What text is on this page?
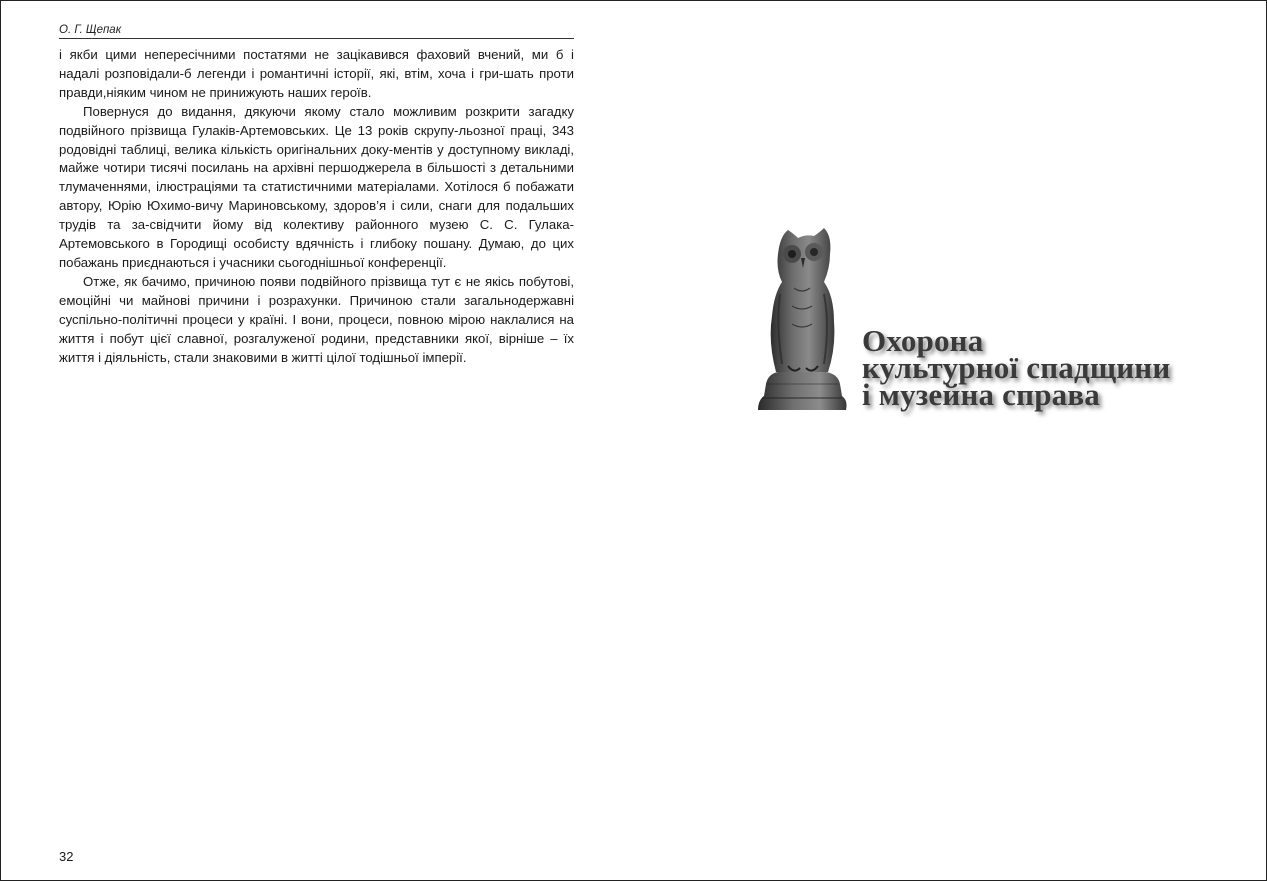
О. Г. Щепак

і якби цими непересічними постатями не зацікавився фаховий вчений, ми б і надалі розповідали-б легенди і романтичні історії, які, втім, хоча і гри-шать проти правди,ніяким чином не принижують наших героїв.

Повернуся до видання, дякуючи якому стало можливим розкрити загадку подвійного прізвища Гулаків-Артемовських. Це 13 років скрупу-льозної праці, 343 родовідні таблиці, велика кількість оригінальних доку-ментів у доступному викладі, майже чотири тисячі посилань на архівні першоджерела в більшості з детальними тлумаченнями, ілюстраціями та статистичними матеріалами. Хотілося б побажати автору, Юрію Юхимо-вичу Мариновському, здоров’я і сили, снаги для подальших трудів та за-свідчити йому від колективу районного музею С. С. Гулака-Артемовського в Городищі особисту вдячність і глибоку пошану. Думаю, до цих побажань приєднаються і учасники сьогоднішньої конференції.

Отже, як бачимо, причиною появи подвійного прізвища тут є не якісь побутові, емоційні чи майнові причини і розрахунки. Причиною стали загальнодержавні суспільно-політичні процеси у країні. І вони, процеси, повною мірою наклалися на життя і побут цієї славної, розгалуженої родини, представники якої, вірніше – їх життя і діяльність, стали знаковими в житті цілої тодішньої імперії.

32
Охорона
культурної спадщини
і музейна справа
